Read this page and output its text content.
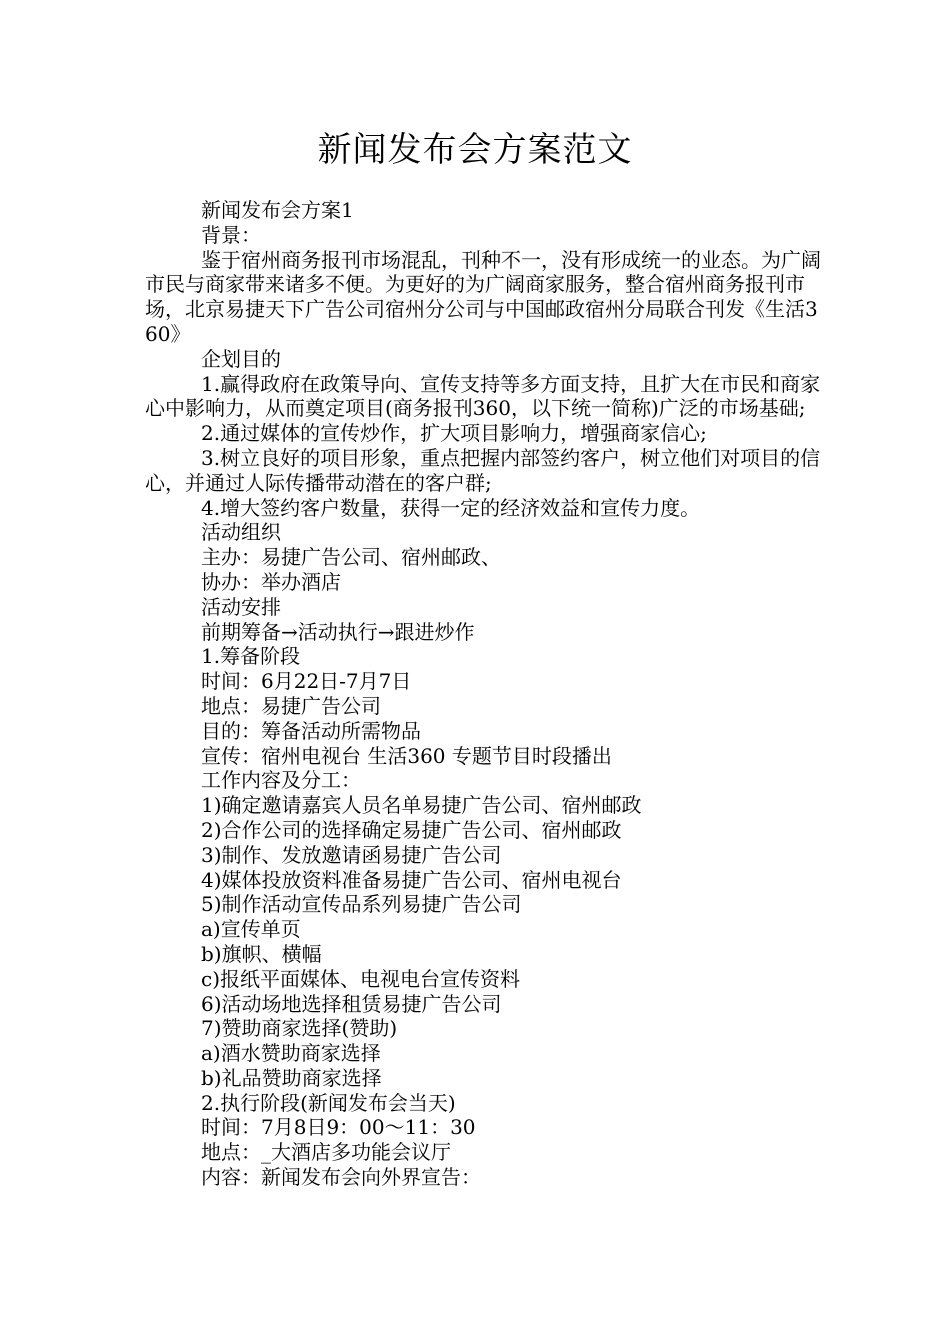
新闻发布会方案范文

新闻发布会方案1

背景：

鉴于宿州商务报刊市场混乱，刊种不一，没有形成统一的业态。为广阔市民与商家带来诸多不便。为更好的为广阔商家服务，整合宿州商务报刊市场，北京易捷天下广告公司宿州分公司与中国邮政宿州分局联合刊发《生活360》

企划目的

1.赢得政府在政策导向、宣传支持等多方面支持，且扩大在市民和商家心中影响力，从而奠定项目(商务报刊360，以下统一简称)广泛的市场基础;

2.通过媒体的宣传炒作，扩大项目影响力，增强商家信心;

3.树立良好的项目形象，重点把握内部签约客户，树立他们对项目的信心，并通过人际传播带动潜在的客户群;

4.增大签约客户数量，获得一定的经济效益和宣传力度。

活动组织

主办：易捷广告公司、宿州邮政、

协办：举办酒店

活动安排

前期筹备→活动执行→跟进炒作

1.筹备阶段

时间：6月22日-7月7日

地点：易捷广告公司

目的：筹备活动所需物品

宣传：宿州电视台 生活360 专题节目时段播出

工作内容及分工：

1)确定邀请嘉宾人员名单易捷广告公司、宿州邮政

2)合作公司的选择确定易捷广告公司、宿州邮政

3)制作、发放邀请函易捷广告公司

4)媒体投放资料准备易捷广告公司、宿州电视台

5)制作活动宣传品系列易捷广告公司

a)宣传单页

b)旗帜、横幅

c)报纸平面媒体、电视电台宣传资料

6)活动场地选择租赁易捷广告公司

7)赞助商家选择(赞助)

a)酒水赞助商家选择

b)礼品赞助商家选择

2.执行阶段(新闻发布会当天)

时间：7月8日9：00～11：30

地点：_大酒店多功能会议厅

内容：新闻发布会向外界宣告：
